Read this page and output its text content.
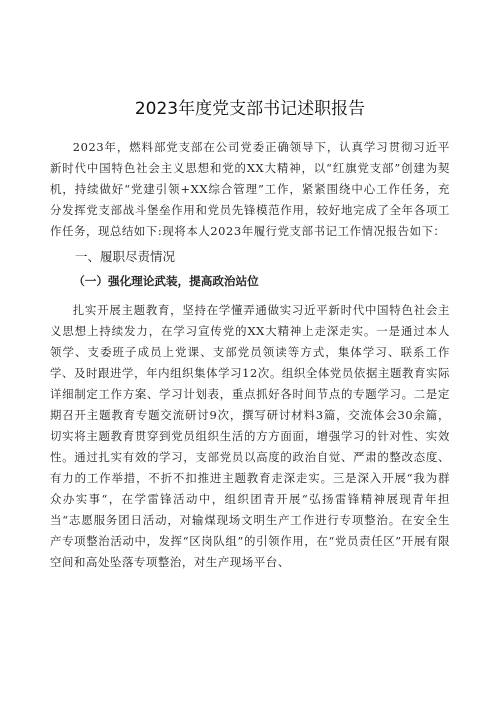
2023年度党支部书记述职报告

2023年，燃料部党支部在公司党委正确领导下，认真学习贯彻习近平新时代中国特色社会主义思想和党的XX大精神，以“红旗党支部”创建为契机，持续做好“党建引领+XX综合管理”工作，紧紧围绕中心工作任务，充分发挥党支部战斗堡垒作用和党员先锋模范作用，较好地完成了全年各项工作任务，现总结如下:现将本人2023年履行党支部书记工作情况报告如下：

一、履职尽责情况
（一）强化理论武装，提高政治站位

扎实开展主题教育，坚持在学懂弄通做实习近平新时代中国特色社会主义思想上持续发力，在学习宣传党的XX大精神上走深走实。一是通过本人领学、支委班子成员上党课、支部党员领读等方式，集体学习、联系工作学、及时跟进学，年内组织集体学习12次。组织全体党员依据主题教育实际详细制定工作方案、学习计划表，重点抓好各时间节点的专题学习。二是定期召开主题教育专题交流研讨9次，撰写研讨材料3篇，交流体会30余篇，切实将主题教育贯穿到党员组织生活的方方面面，增强学习的针对性、实效性。通过扎实有效的学习，支部党员以高度的政治自觉、严肃的整改态度、有力的工作举措，不折不扣推进主题教育走深走实。三是深入开展“我为群众办实事“，在学雷锋活动中，组织团青开展“弘扬雷锋精神展现青年担当“志愿服务团日活动，对输煤现场文明生产工作进行专项整治。在安全生产专项整治活动中，发挥“区岗队组”的引领作用，在“党员责任区”开展有限空间和高处坠落专项整治，对生产现场平台、
